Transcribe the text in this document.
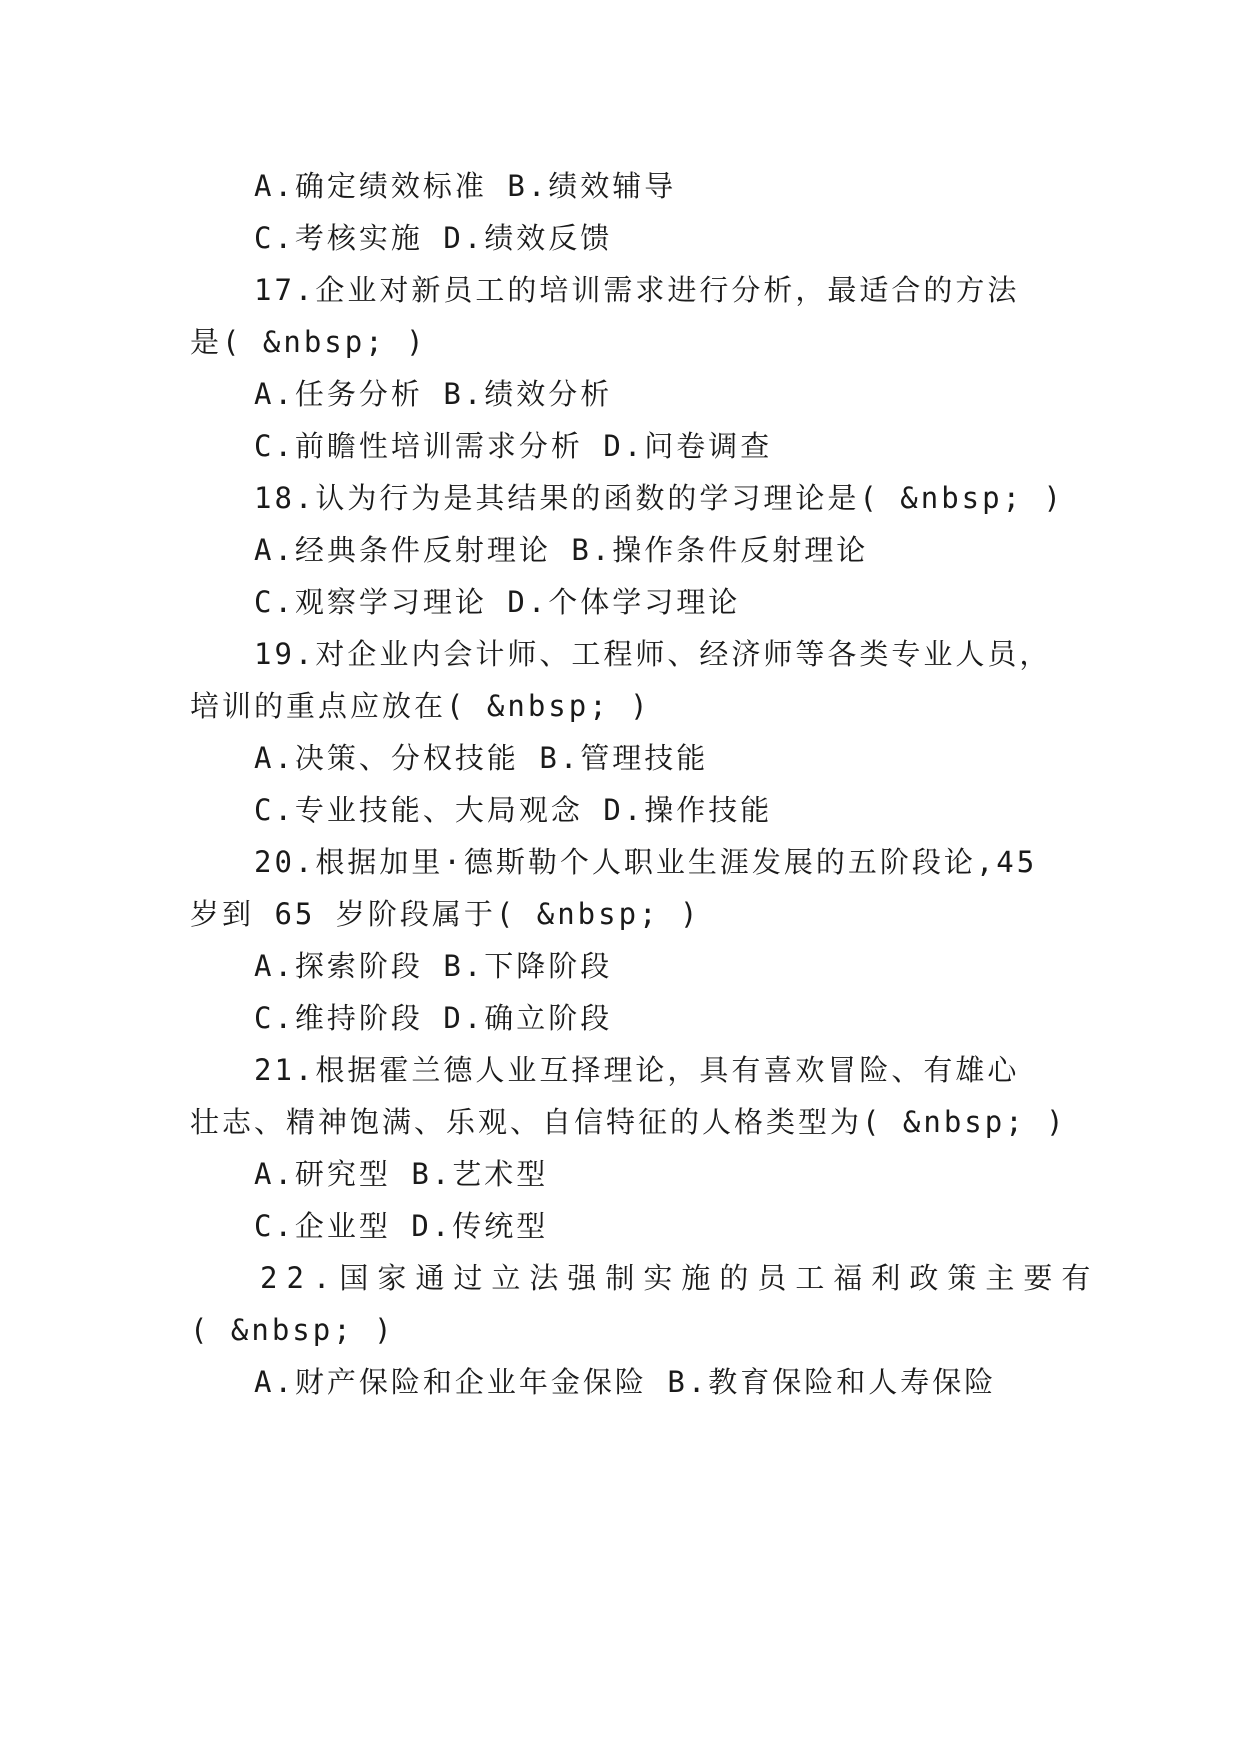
A.确定绩效标准 B.绩效辅导
C.考核实施 D.绩效反馈
17.企业对新员工的培训需求进行分析，最适合的方法
是( &nbsp; )
A.任务分析 B.绩效分析
C.前瞻性培训需求分析 D.问卷调查
18.认为行为是其结果的函数的学习理论是( &nbsp; )
A.经典条件反射理论 B.操作条件反射理论
C.观察学习理论 D.个体学习理论
19.对企业内会计师、工程师、经济师等各类专业人员，
培训的重点应放在( &nbsp; )
A.决策、分权技能 B.管理技能
C.专业技能、大局观念 D.操作技能
20.根据加里·德斯勒个人职业生涯发展的五阶段论,45
岁到 65 岁阶段属于( &nbsp; )
A.探索阶段 B.下降阶段
C.维持阶段 D.确立阶段
21.根据霍兰德人业互择理论，具有喜欢冒险、有雄心
壮志、精神饱满、乐观、自信特征的人格类型为( &nbsp; )
A.研究型 B.艺术型
C.企业型 D.传统型
22.国家通过立法强制实施的员工福利政策主要有
( &nbsp; )
A.财产保险和企业年金保险 B.教育保险和人寿保险
